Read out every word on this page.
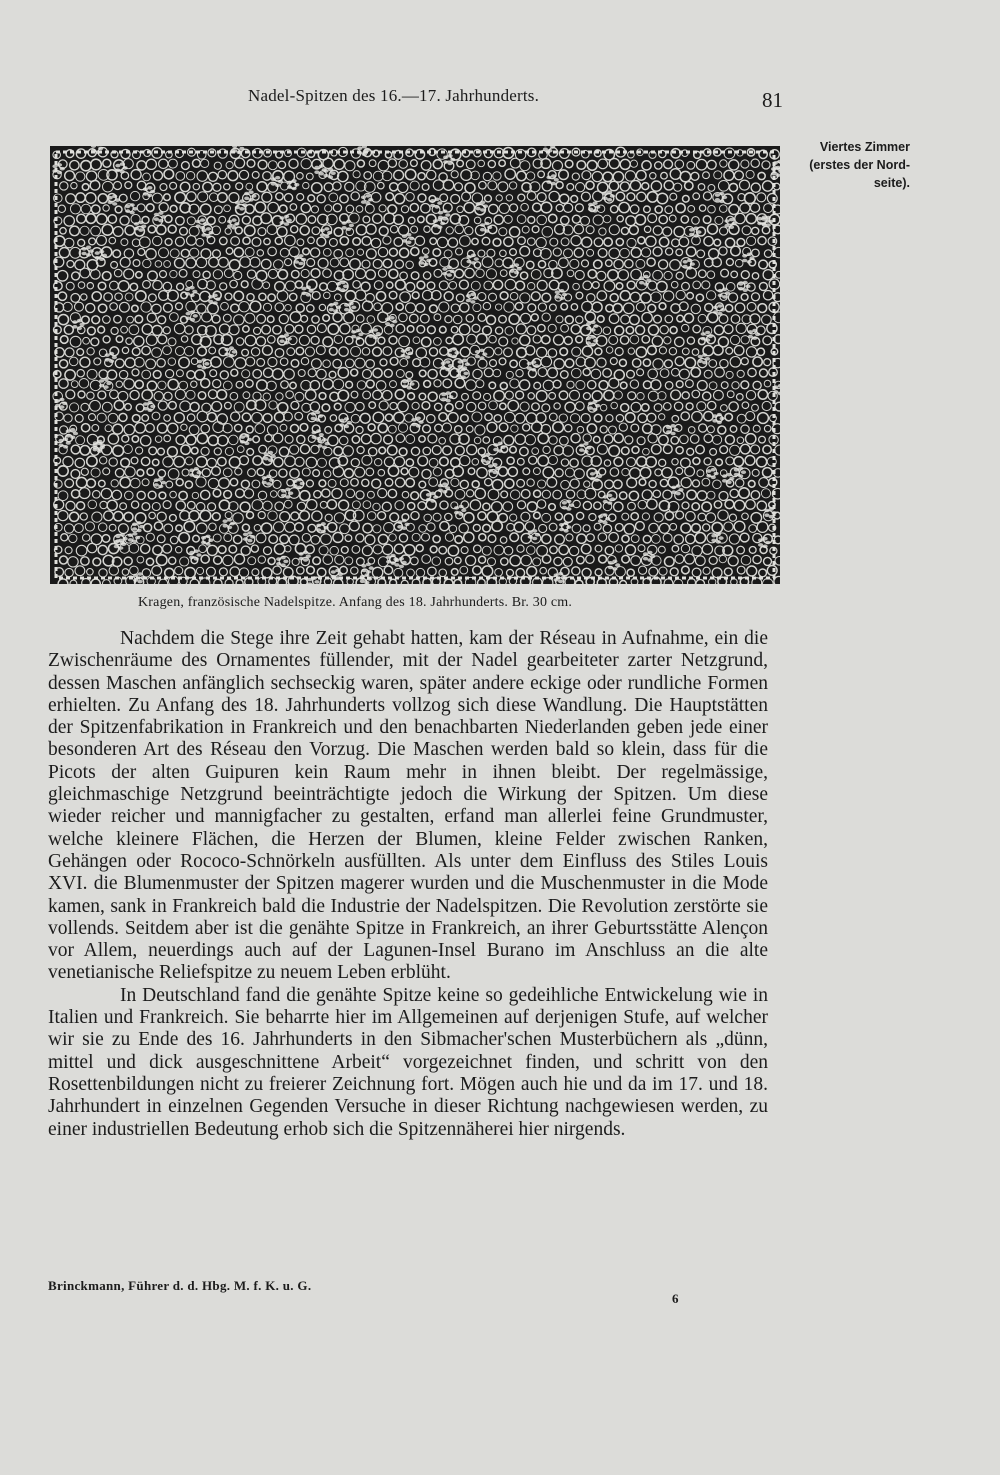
Nadel-Spitzen des 16.—17. Jahrhunderts.	81
Viertes Zimmer
(erstes der Nord-
seite).
Kragen, französische Nadelspitze. Anfang des 18. Jahrhunderts. Br. 30 cm.

Nachdem die Stege ihre Zeit gehabt hatten, kam der Réseau in Aufnahme, ein die Zwischenräume des Ornamentes füllender, mit der Nadel gearbeiteter zarter Netzgrund, dessen Maschen anfänglich sechseckig waren, später andere eckige oder rundliche Formen erhielten. Zu Anfang des 18. Jahrhunderts vollzog sich diese Wandlung. Die Hauptstätten der Spitzenfabrikation in Frankreich und den benachbarten Niederlanden geben jede einer besonderen Art des Réseau den Vorzug. Die Maschen werden bald so klein, dass für die Picots der alten Guipuren kein Raum mehr in ihnen bleibt. Der regelmässige, gleichmaschige Netzgrund beeinträchtigte jedoch die Wirkung der Spitzen. Um diese wieder reicher und mannigfacher zu gestalten, erfand man allerlei feine Grundmuster, welche kleinere Flächen, die Herzen der Blumen, kleine Felder zwischen Ranken, Gehängen oder Rococo-Schnörkeln ausfüllten. Als unter dem Einfluss des Stiles Louis XVI. die Blumenmuster der Spitzen magerer wurden und die Muschenmuster in die Mode kamen, sank in Frankreich bald die Industrie der Nadelspitzen. Die Revolution zerstörte sie vollends. Seitdem aber ist die genähte Spitze in Frankreich, an ihrer Geburtsstätte Alençon vor Allem, neuerdings auch auf der Lagunen-Insel Burano im Anschluss an die alte venetianische Reliefspitze zu neuem Leben erblüht.

In Deutschland fand die genähte Spitze keine so gedeihliche Entwickelung wie in Italien und Frankreich. Sie beharrte hier im Allgemeinen auf derjenigen Stufe, auf welcher wir sie zu Ende des 16. Jahrhunderts in den Sibmacher'schen Musterbüchern als „dünn, mittel und dick ausgeschnittene Arbeit“ vorgezeichnet finden, und schritt von den Rosettenbildungen nicht zu freierer Zeichnung fort. Mögen auch hie und da im 17. und 18. Jahrhundert in einzelnen Gegenden Versuche in dieser Richtung nachgewiesen werden, zu einer industriellen Bedeutung erhob sich die Spitzennäherei hier nirgends.

Brinckmann, Führer d. d. Hbg. M. f. K. u. G.
6
